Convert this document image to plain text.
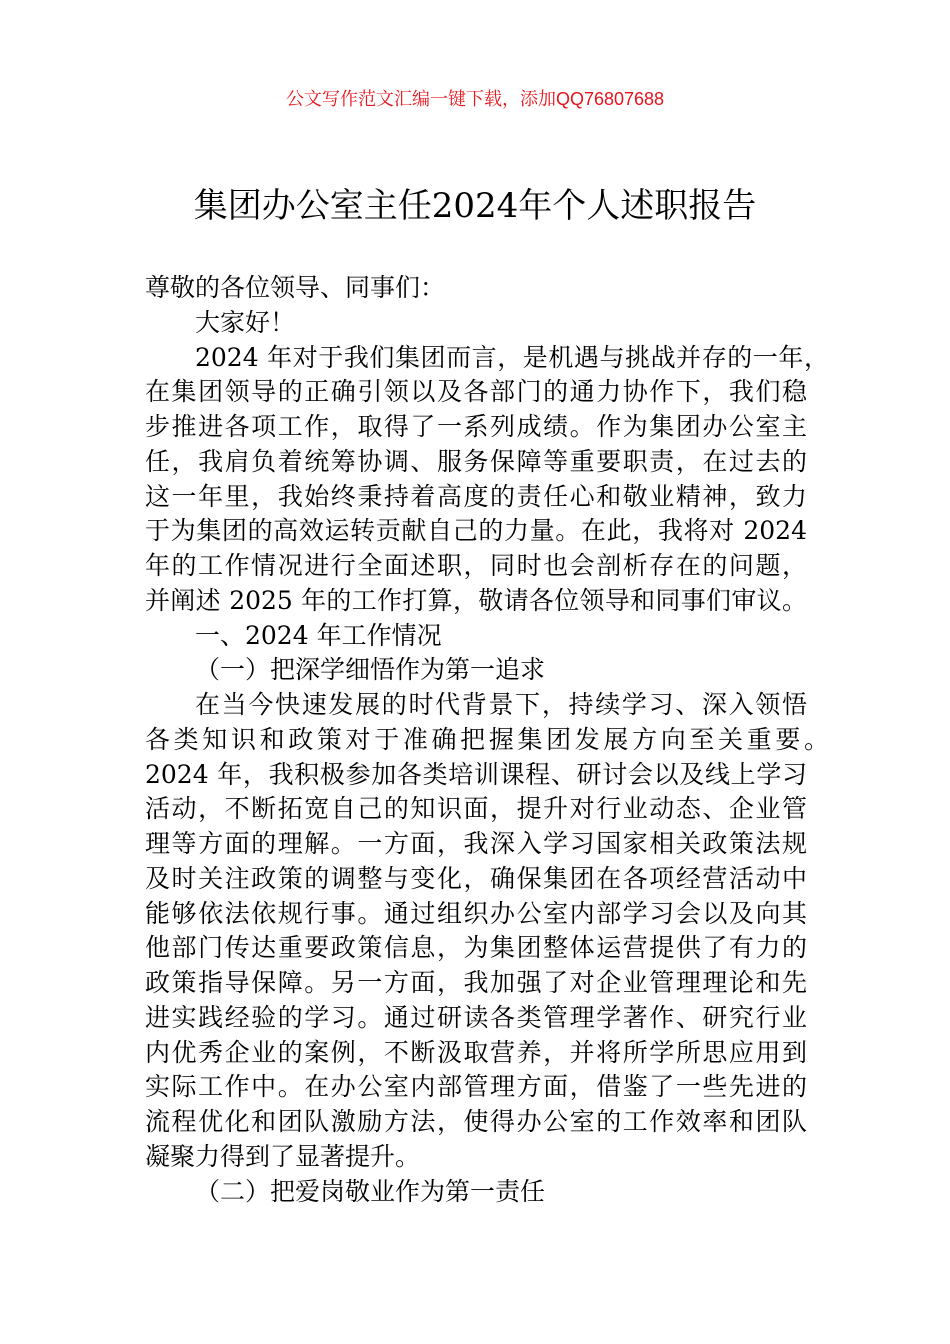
公文写作范文汇编一键下载，添加QQ76807688
集团办公室主任2024年个人述职报告
尊敬的各位领导、同事们：
大家好！
2024 年对于我们集团而言，是机遇与挑战并存的一年，
在集团领导的正确引领以及各部门的通力协作下，我们稳
步推进各项工作，取得了一系列成绩。作为集团办公室主
任，我肩负着统筹协调、服务保障等重要职责，在过去的
这一年里，我始终秉持着高度的责任心和敬业精神，致力
于为集团的高效运转贡献自己的力量。在此，我将对 2024
年的工作情况进行全面述职，同时也会剖析存在的问题，
并阐述 2025 年的工作打算，敬请各位领导和同事们审议。
一、2024 年工作情况
（一）把深学细悟作为第一追求
在当今快速发展的时代背景下，持续学习、深入领悟
各类知识和政策对于准确把握集团发展方向至关重要。
2024 年，我积极参加各类培训课程、研讨会以及线上学习
活动，不断拓宽自己的知识面，提升对行业动态、企业管
理等方面的理解。一方面，我深入学习国家相关政策法规
及时关注政策的调整与变化，确保集团在各项经营活动中
能够依法依规行事。通过组织办公室内部学习会以及向其
他部门传达重要政策信息，为集团整体运营提供了有力的
政策指导保障。另一方面，我加强了对企业管理理论和先
进实践经验的学习。通过研读各类管理学著作、研究行业
内优秀企业的案例，不断汲取营养，并将所学所思应用到
实际工作中。在办公室内部管理方面，借鉴了一些先进的
流程优化和团队激励方法，使得办公室的工作效率和团队
凝聚力得到了显著提升。
（二）把爱岗敬业作为第一责任
